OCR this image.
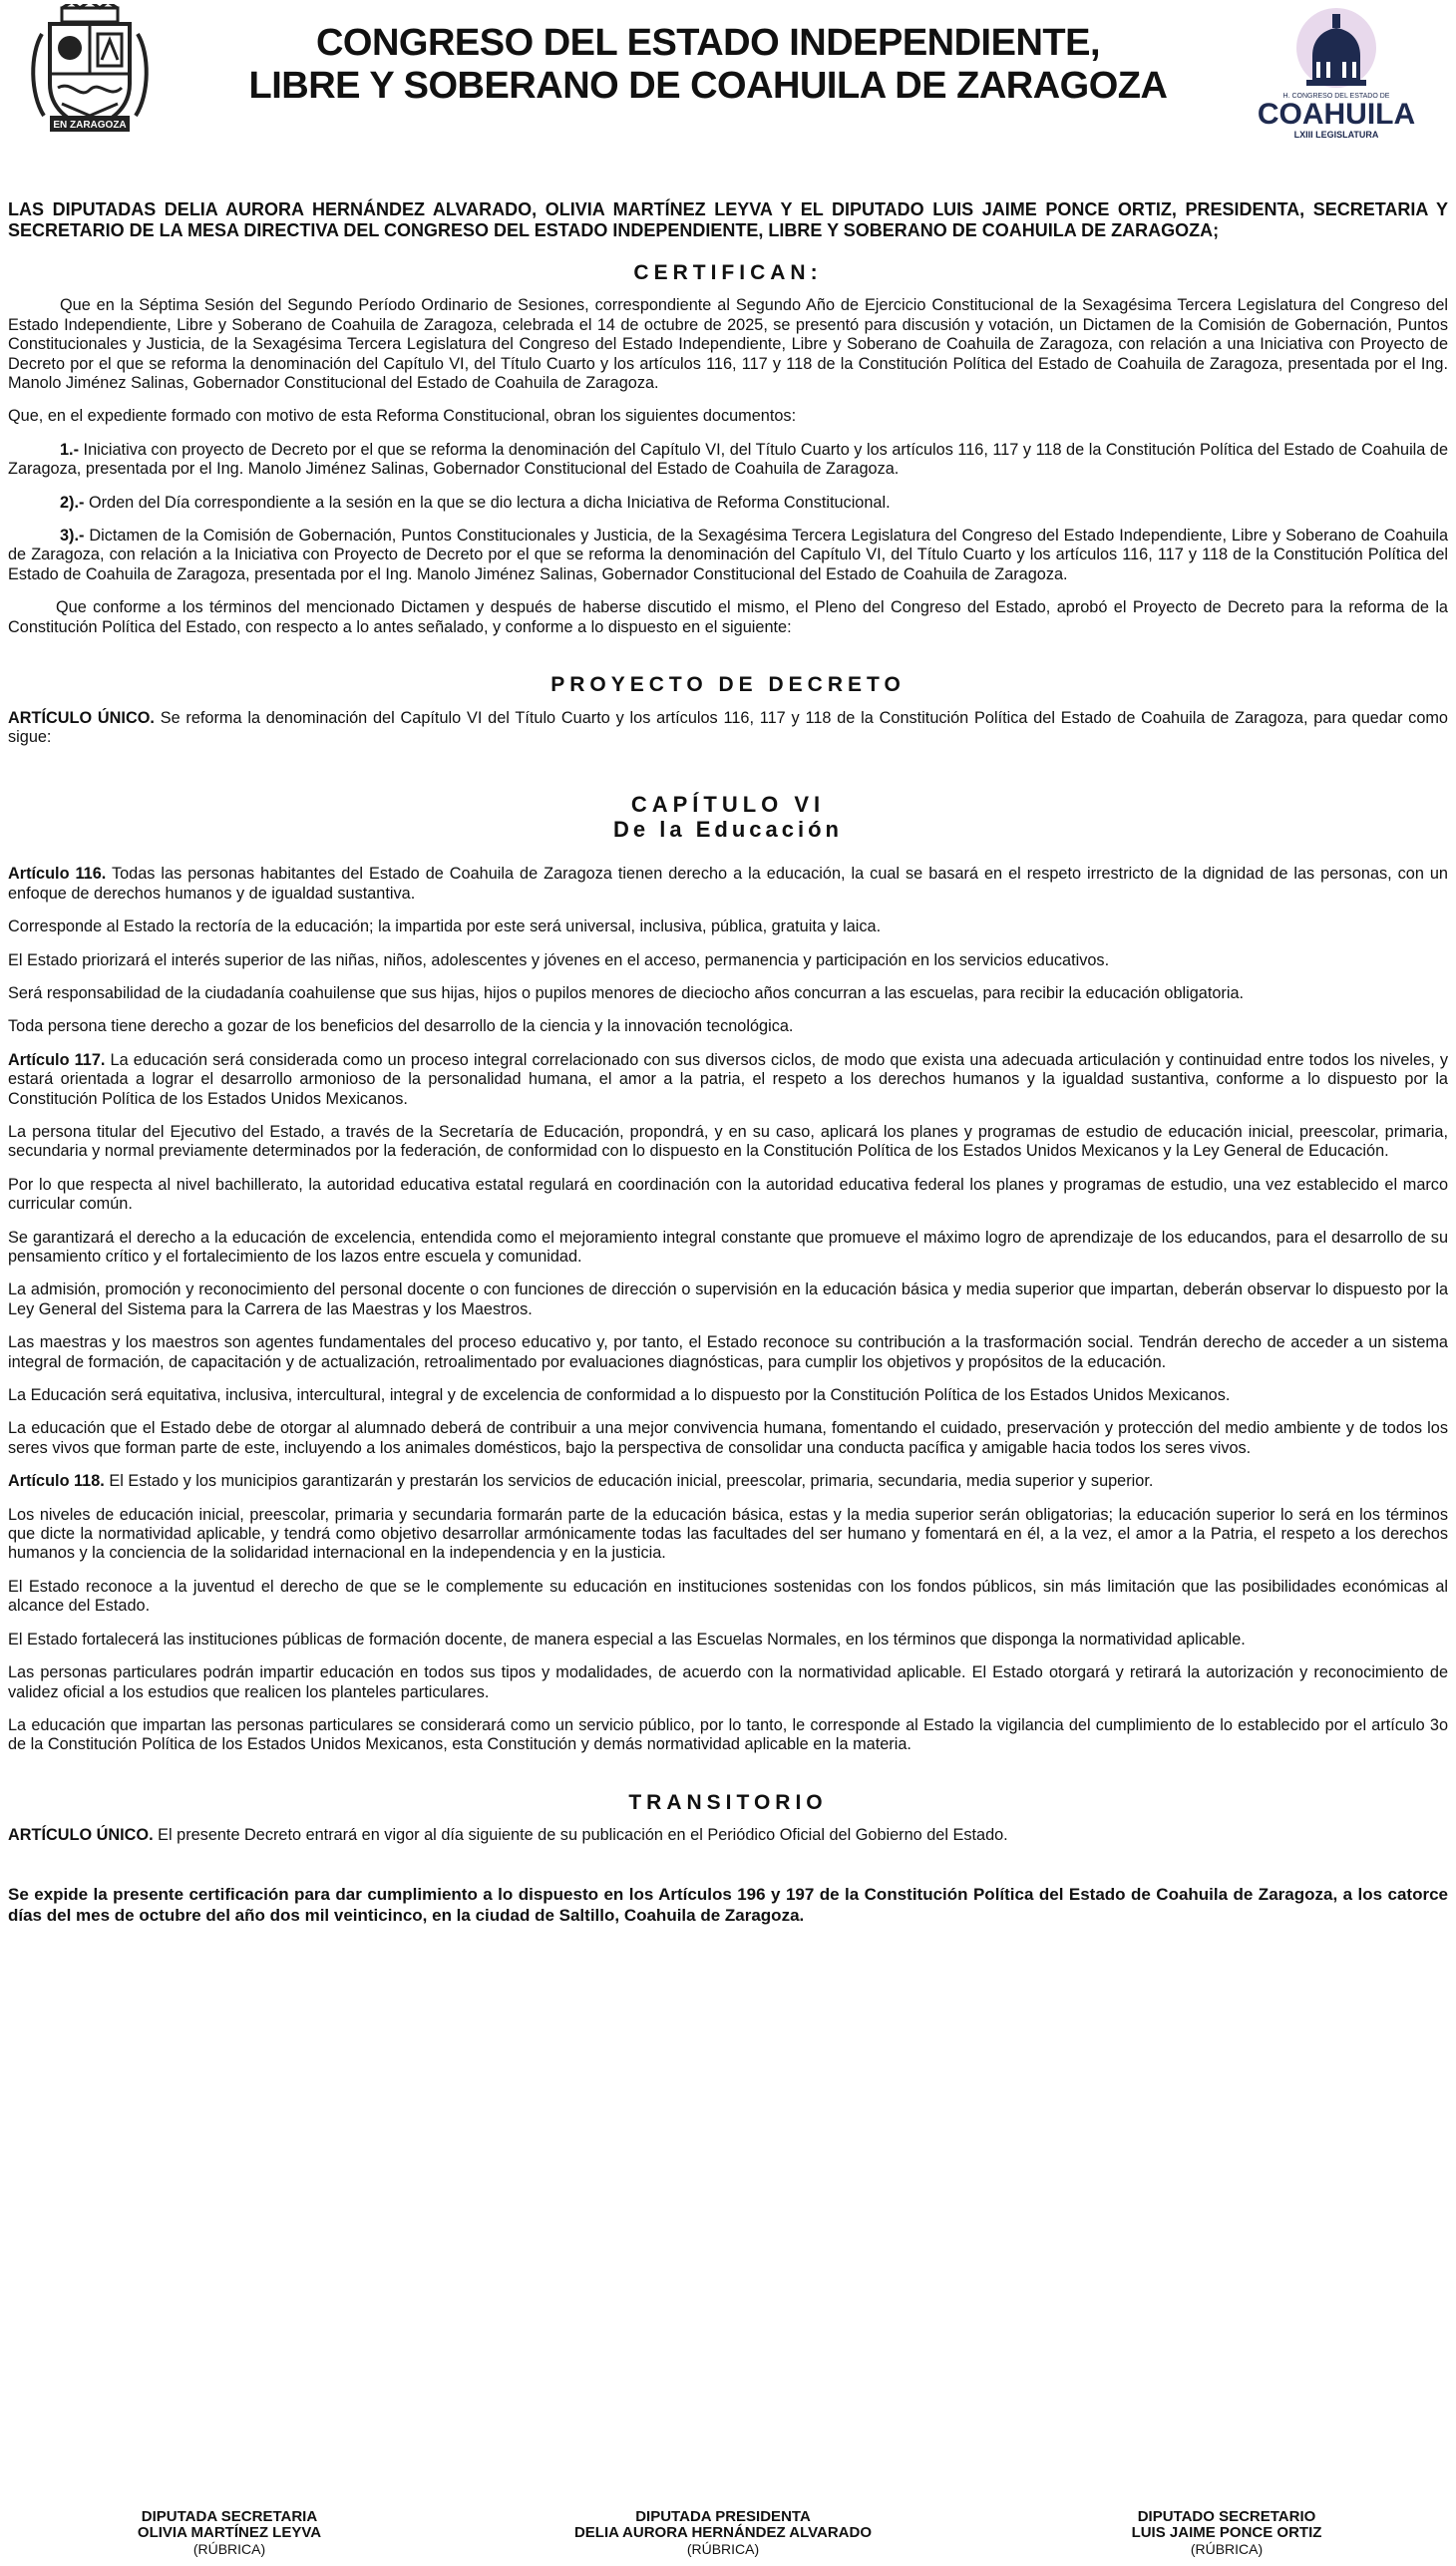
EN ZARAGOZA
CONGRESO DEL ESTADO INDEPENDIENTE,
LIBRE Y SOBERANO DE COAHUILA DE ZARAGOZA	H. CONGRESO DEL ESTADO DE
COAHUILA
LXIII LEGISLATURA

LAS DIPUTADAS DELIA AURORA HERNÁNDEZ ALVARADO, OLIVIA MARTÍNEZ LEYVA Y EL DIPUTADO LUIS JAIME PONCE ORTIZ, PRESIDENTA, SECRETARIA Y SECRETARIO DE LA MESA DIRECTIVA DEL CONGRESO DEL ESTADO INDEPENDIENTE, LIBRE Y SOBERANO DE COAHUILA DE ZARAGOZA;

CERTIFICAN:

Que en la Séptima Sesión del Segundo Período Ordinario de Sesiones, correspondiente al Segundo Año de Ejercicio Constitucional de la Sexagésima Tercera Legislatura del Congreso del Estado Independiente, Libre y Soberano de Coahuila de Zaragoza, celebrada el 14 de octubre de 2025, se presentó para discusión y votación, un Dictamen de la Comisión de Gobernación, Puntos Constitucionales y Justicia, de la Sexagésima Tercera Legislatura del Congreso del Estado Independiente, Libre y Soberano de Coahuila de Zaragoza, con relación a una Iniciativa con Proyecto de Decreto por el que se reforma la denominación del Capítulo VI, del Título Cuarto y los artículos 116, 117 y 118 de la Constitución Política del Estado de Coahuila de Zaragoza, presentada por el Ing. Manolo Jiménez Salinas, Gobernador Constitucional del Estado de Coahuila de Zaragoza.

Que, en el expediente formado con motivo de esta Reforma Constitucional, obran los siguientes documentos:

1.- Iniciativa con proyecto de Decreto por el que se reforma la denominación del Capítulo VI, del Título Cuarto y los artículos 116, 117 y 118 de la Constitución Política del Estado de Coahuila de Zaragoza, presentada por el Ing. Manolo Jiménez Salinas, Gobernador Constitucional del Estado de Coahuila de Zaragoza.

2).- Orden del Día correspondiente a la sesión en la que se dio lectura a dicha Iniciativa de Reforma Constitucional.

3).- Dictamen de la Comisión de Gobernación, Puntos Constitucionales y Justicia, de la Sexagésima Tercera Legislatura del Congreso del Estado Independiente, Libre y Soberano de Coahuila de Zaragoza, con relación a la Iniciativa con Proyecto de Decreto por el que se reforma la denominación del Capítulo VI, del Título Cuarto y los artículos 116, 117 y 118 de la Constitución Política del Estado de Coahuila de Zaragoza, presentada por el Ing. Manolo Jiménez Salinas, Gobernador Constitucional del Estado de Coahuila de Zaragoza.

Que conforme a los términos del mencionado Dictamen y después de haberse discutido el mismo, el Pleno del Congreso del Estado, aprobó el Proyecto de Decreto para la reforma de la Constitución Política del Estado, con respecto a lo antes señalado, y conforme a lo dispuesto en el siguiente:

PROYECTO DE DECRETO

ARTÍCULO ÚNICO. Se reforma la denominación del Capítulo VI del Título Cuarto y los artículos 116, 117 y 118 de la Constitución Política del Estado de Coahuila de Zaragoza, para quedar como sigue:

CAPÍTULO VI
De la Educación

Artículo 116. Todas las personas habitantes del Estado de Coahuila de Zaragoza tienen derecho a la educación, la cual se basará en el respeto irrestricto de la dignidad de las personas, con un enfoque de derechos humanos y de igualdad sustantiva.

Corresponde al Estado la rectoría de la educación; la impartida por este será universal, inclusiva, pública, gratuita y laica.

El Estado priorizará el interés superior de las niñas, niños, adolescentes y jóvenes en el acceso, permanencia y participación en los servicios educativos.

Será responsabilidad de la ciudadanía coahuilense que sus hijas, hijos o pupilos menores de dieciocho años concurran a las escuelas, para recibir la educación obligatoria.

Toda persona tiene derecho a gozar de los beneficios del desarrollo de la ciencia y la innovación tecnológica.

Artículo 117. La educación será considerada como un proceso integral correlacionado con sus diversos ciclos, de modo que exista una adecuada articulación y continuidad entre todos los niveles, y estará orientada a lograr el desarrollo armonioso de la personalidad humana, el amor a la patria, el respeto a los derechos humanos y la igualdad sustantiva, conforme a lo dispuesto por la Constitución Política de los Estados Unidos Mexicanos.

La persona titular del Ejecutivo del Estado, a través de la Secretaría de Educación, propondrá, y en su caso, aplicará los planes y programas de estudio de educación inicial, preescolar, primaria, secundaria y normal previamente determinados por la federación, de conformidad con lo dispuesto en la Constitución Política de los Estados Unidos Mexicanos y la Ley General de Educación.

Por lo que respecta al nivel bachillerato, la autoridad educativa estatal regulará en coordinación con la autoridad educativa federal los planes y programas de estudio, una vez establecido el marco curricular común.

Se garantizará el derecho a la educación de excelencia, entendida como el mejoramiento integral constante que promueve el máximo logro de aprendizaje de los educandos, para el desarrollo de su pensamiento crítico y el fortalecimiento de los lazos entre escuela y comunidad.

La admisión, promoción y reconocimiento del personal docente o con funciones de dirección o supervisión en la educación básica y media superior que impartan, deberán observar lo dispuesto por la Ley General del Sistema para la Carrera de las Maestras y los Maestros.

Las maestras y los maestros son agentes fundamentales del proceso educativo y, por tanto, el Estado reconoce su contribución a la trasformación social. Tendrán derecho de acceder a un sistema integral de formación, de capacitación y de actualización, retroalimentado por evaluaciones diagnósticas, para cumplir los objetivos y propósitos de la educación.

La Educación será equitativa, inclusiva, intercultural, integral y de excelencia de conformidad a lo dispuesto por la Constitución Política de los Estados Unidos Mexicanos.

La educación que el Estado debe de otorgar al alumnado deberá de contribuir a una mejor convivencia humana, fomentando el cuidado, preservación y protección del medio ambiente y de todos los seres vivos que forman parte de este, incluyendo a los animales domésticos, bajo la perspectiva de consolidar una conducta pacífica y amigable hacia todos los seres vivos.

Artículo 118. El Estado y los municipios garantizarán y prestarán los servicios de educación inicial, preescolar, primaria, secundaria, media superior y superior.

Los niveles de educación inicial, preescolar, primaria y secundaria formarán parte de la educación básica, estas y la media superior serán obligatorias; la educación superior lo será en los términos que dicte la normatividad aplicable, y tendrá como objetivo desarrollar armónicamente todas las facultades del ser humano y fomentará en él, a la vez, el amor a la Patria, el respeto a los derechos humanos y la conciencia de la solidaridad internacional en la independencia y en la justicia.

El Estado reconoce a la juventud el derecho de que se le complemente su educación en instituciones sostenidas con los fondos públicos, sin más limitación que las posibilidades económicas al alcance del Estado.

El Estado fortalecerá las instituciones públicas de formación docente, de manera especial a las Escuelas Normales, en los términos que disponga la normatividad aplicable.

Las personas particulares podrán impartir educación en todos sus tipos y modalidades, de acuerdo con la normatividad aplicable. El Estado otorgará y retirará la autorización y reconocimiento de validez oficial a los estudios que realicen los planteles particulares.

La educación que impartan las personas particulares se considerará como un servicio público, por lo tanto, le corresponde al Estado la vigilancia del cumplimiento de lo establecido por el artículo 3o de la Constitución Política de los Estados Unidos Mexicanos, esta Constitución y demás normatividad aplicable en la materia.

TRANSITORIO

ARTÍCULO ÚNICO. El presente Decreto entrará en vigor al día siguiente de su publicación en el Periódico Oficial del Gobierno del Estado.

Se expide la presente certificación para dar cumplimiento a lo dispuesto en los Artículos 196 y 197 de la Constitución Política del Estado de Coahuila de Zaragoza, a los catorce días del mes de octubre del año dos mil veinticinco, en la ciudad de Saltillo, Coahuila de Zaragoza.

DIPUTADA SECRETARIA
OLIVIA MARTÍNEZ LEYVA
(RÚBRICA)
DIPUTADA PRESIDENTA
DELIA AURORA HERNÁNDEZ ALVARADO
(RÚBRICA)
DIPUTADO SECRETARIO
LUIS JAIME PONCE ORTIZ
(RÚBRICA)
